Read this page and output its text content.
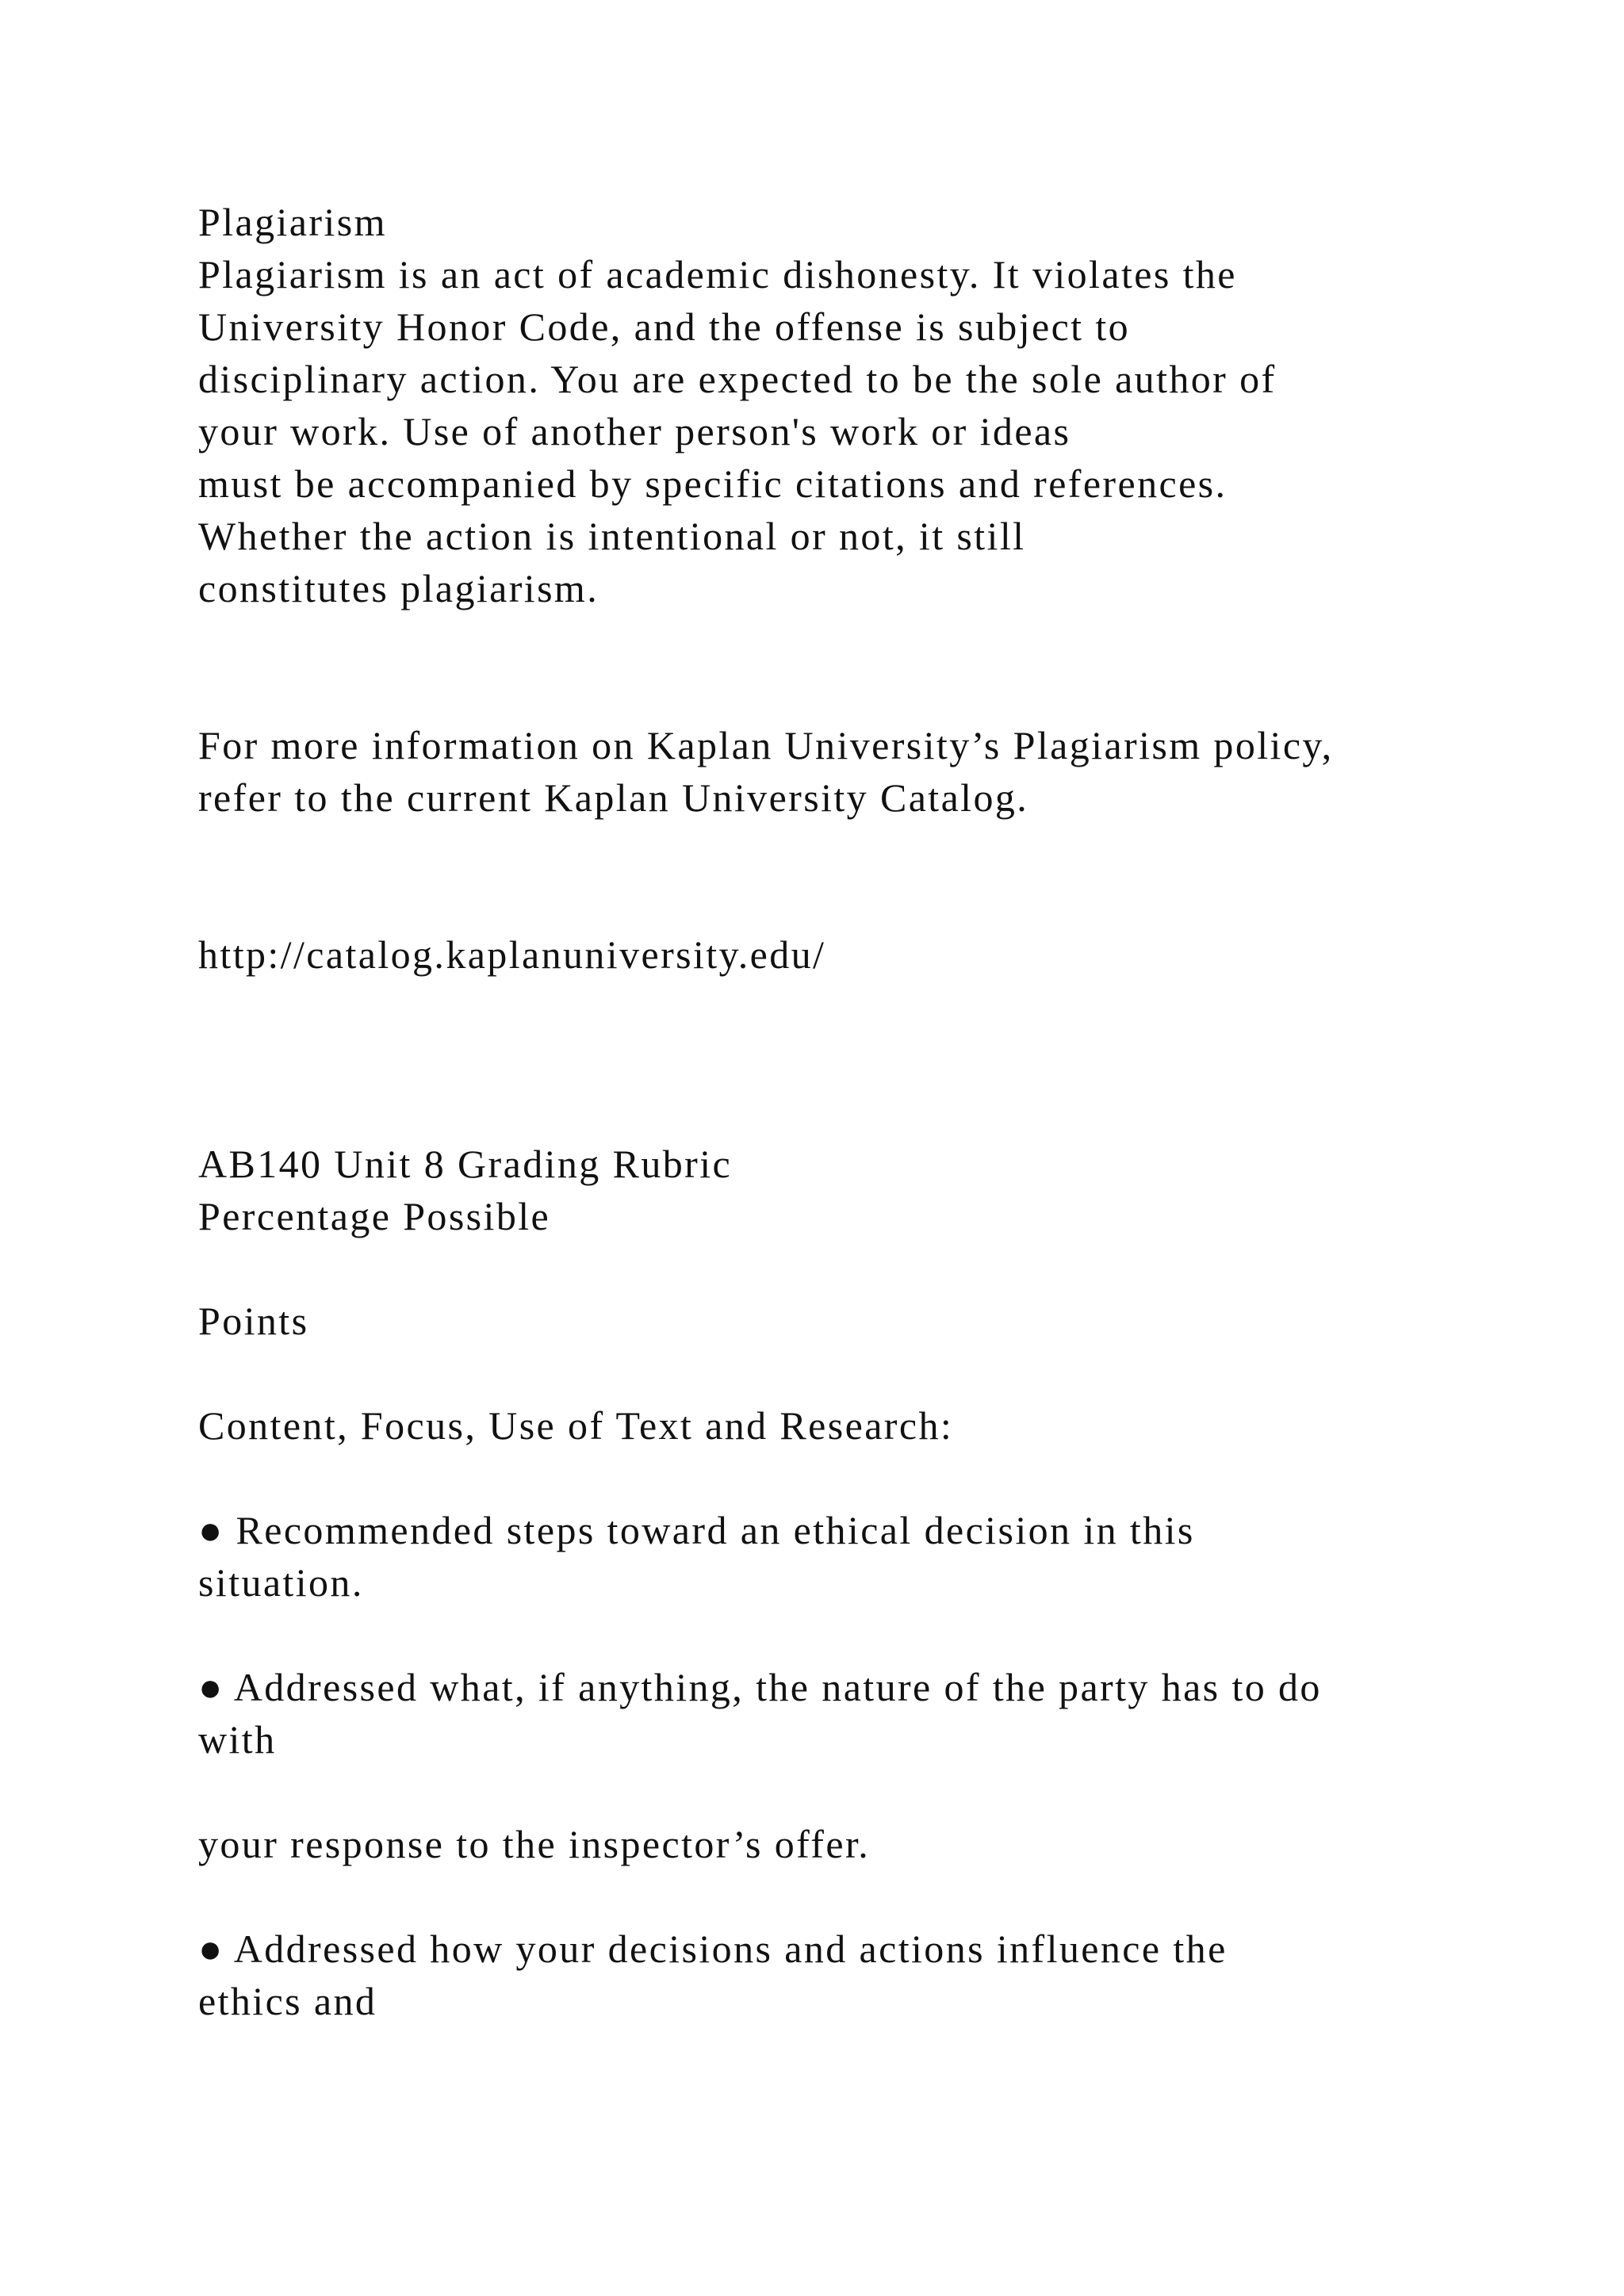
Plagiarism
Plagiarism is an act of academic dishonesty. It violates the
University Honor Code, and the offense is subject to
disciplinary action. You are expected to be the sole author of
your work. Use of another person's work or ideas
must be accompanied by specific citations and references.
Whether the action is intentional or not, it still
constitutes plagiarism.
For more information on Kaplan University’s Plagiarism policy,
refer to the current Kaplan University Catalog.
http://catalog.kaplanuniversity.edu/
AB140 Unit 8 Grading Rubric
Percentage Possible
Points
Content, Focus, Use of Text and Research:
● Recommended steps toward an ethical decision in this
situation.
● Addressed what, if anything, the nature of the party has to do
with
your response to the inspector’s offer.
● Addressed how your decisions and actions influence the
ethics and
